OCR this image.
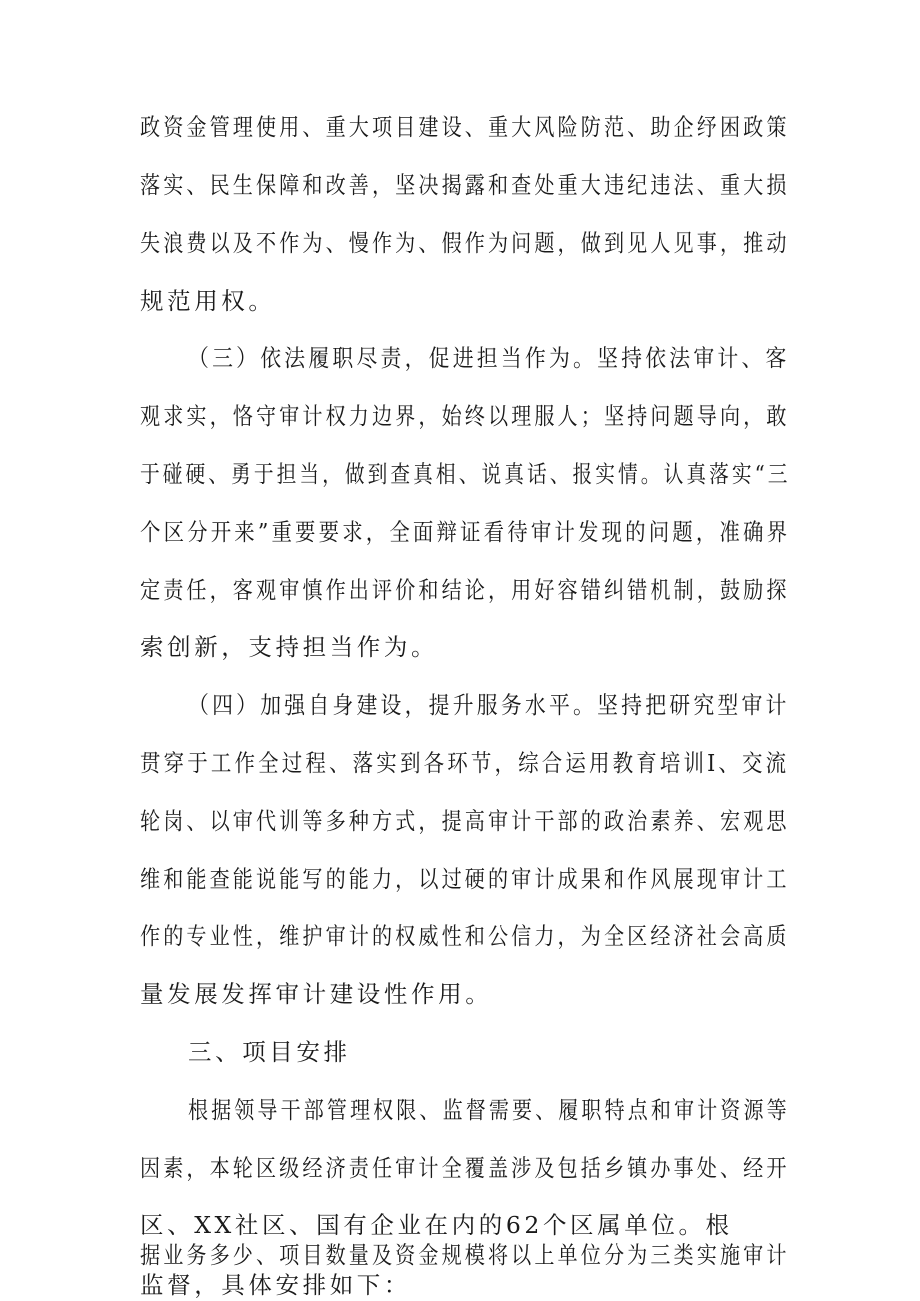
政资金管理使用、重大项目建设、重大风险防范、助企纾困政策
落实、民生保障和改善，坚决揭露和查处重大违纪违法、重大损
失浪费以及不作为、慢作为、假作为问题，做到见人见事，推动
规范用权。
（三）依法履职尽责，促进担当作为。坚持依法审计、客
观求实，恪守审计权力边界，始终以理服人；坚持问题导向，敢
于碰硬、勇于担当，做到查真相、说真话、报实情。认真落实“三
个区分开来”重要要求，全面辩证看待审计发现的问题，准确界
定责任，客观审慎作出评价和结论，用好容错纠错机制，鼓励探
索创新，支持担当作为。
（四）加强自身建设，提升服务水平。坚持把研究型审计
贯穿于工作全过程、落实到各环节，综合运用教育培训I、交流
轮岗、以审代训等多种方式，提高审计干部的政治素养、宏观思
维和能查能说能写的能力，以过硬的审计成果和作风展现审计工
作的专业性，维护审计的权威性和公信力，为全区经济社会高质
量发展发挥审计建设性作用。
三、项目安排
根据领导干部管理权限、监督需要、履职特点和审计资源等
因素，本轮区级经济责任审计全覆盖涉及包括乡镇办事处、经开
区、XX社区、国有企业在内的62个区属单位。根
据业务多少、项目数量及资金规模将以上单位分为三类实施审计
监督，具体安排如下：
